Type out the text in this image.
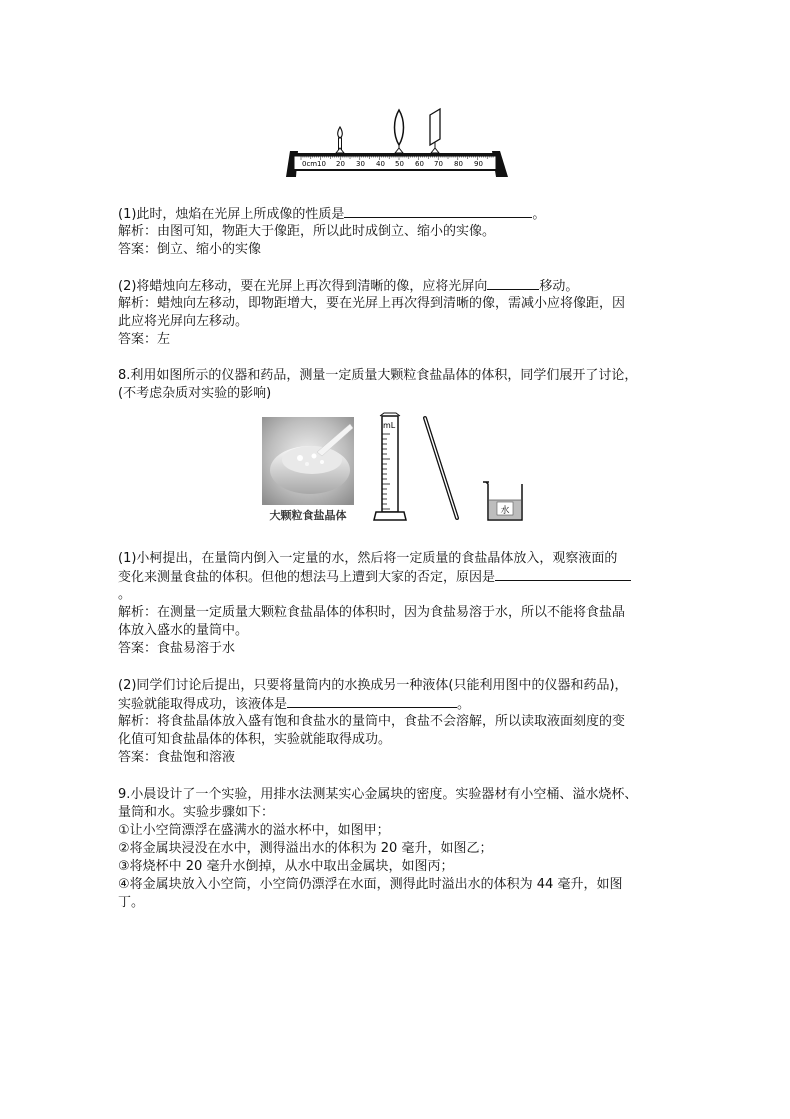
0cm 10 20 30 40 50 60 70 80 90
(1)此时，烛焰在光屏上所成像的性质是	。
解析：由图可知，物距大于像距，所以此时成倒立、缩小的实像。
答案：倒立、缩小的实像
(2)将蜡烛向左移动，要在光屏上再次得到清晰的像，应将光屏向	移动。
解析：蜡烛向左移动，即物距增大，要在光屏上再次得到清晰的像，需减小应将像距，因
此应将光屏向左移动。
答案：左
8.利用如图所示的仪器和药品，测量一定质量大颗粒食盐晶体的体积，同学们展开了讨论，
(不考虑杂质对实验的影响)
大颗粒食盐晶体
mL
水
(1)小柯提出，在量筒内倒入一定量的水，然后将一定质量的食盐晶体放入，观察液面的
变化来测量食盐的体积。但他的想法马上遭到大家的否定，原因是
。
解析：在测量一定质量大颗粒食盐晶体的体积时，因为食盐易溶于水，所以不能将食盐晶
体放入盛水的量筒中。
答案：食盐易溶于水
(2)同学们讨论后提出，只要将量筒内的水换成另一种液体(只能利用图中的仪器和药品)，
实验就能取得成功，该液体是	。
解析：将食盐晶体放入盛有饱和食盐水的量筒中，食盐不会溶解，所以读取液面刻度的变
化值可知食盐晶体的体积，实验就能取得成功。
答案：食盐饱和溶液
9.小晨设计了一个实验，用排水法测某实心金属块的密度。实验器材有小空桶、溢水烧杯、
量筒和水。实验步骤如下：
①让小空筒漂浮在盛满水的溢水杯中，如图甲；
②将金属块浸没在水中，测得溢出水的体积为 20 毫升，如图乙；
③将烧杯中 20 毫升水倒掉，从水中取出金属块，如图丙；
④将金属块放入小空筒，小空筒仍漂浮在水面，测得此时溢出水的体积为 44 毫升，如图
丁。
